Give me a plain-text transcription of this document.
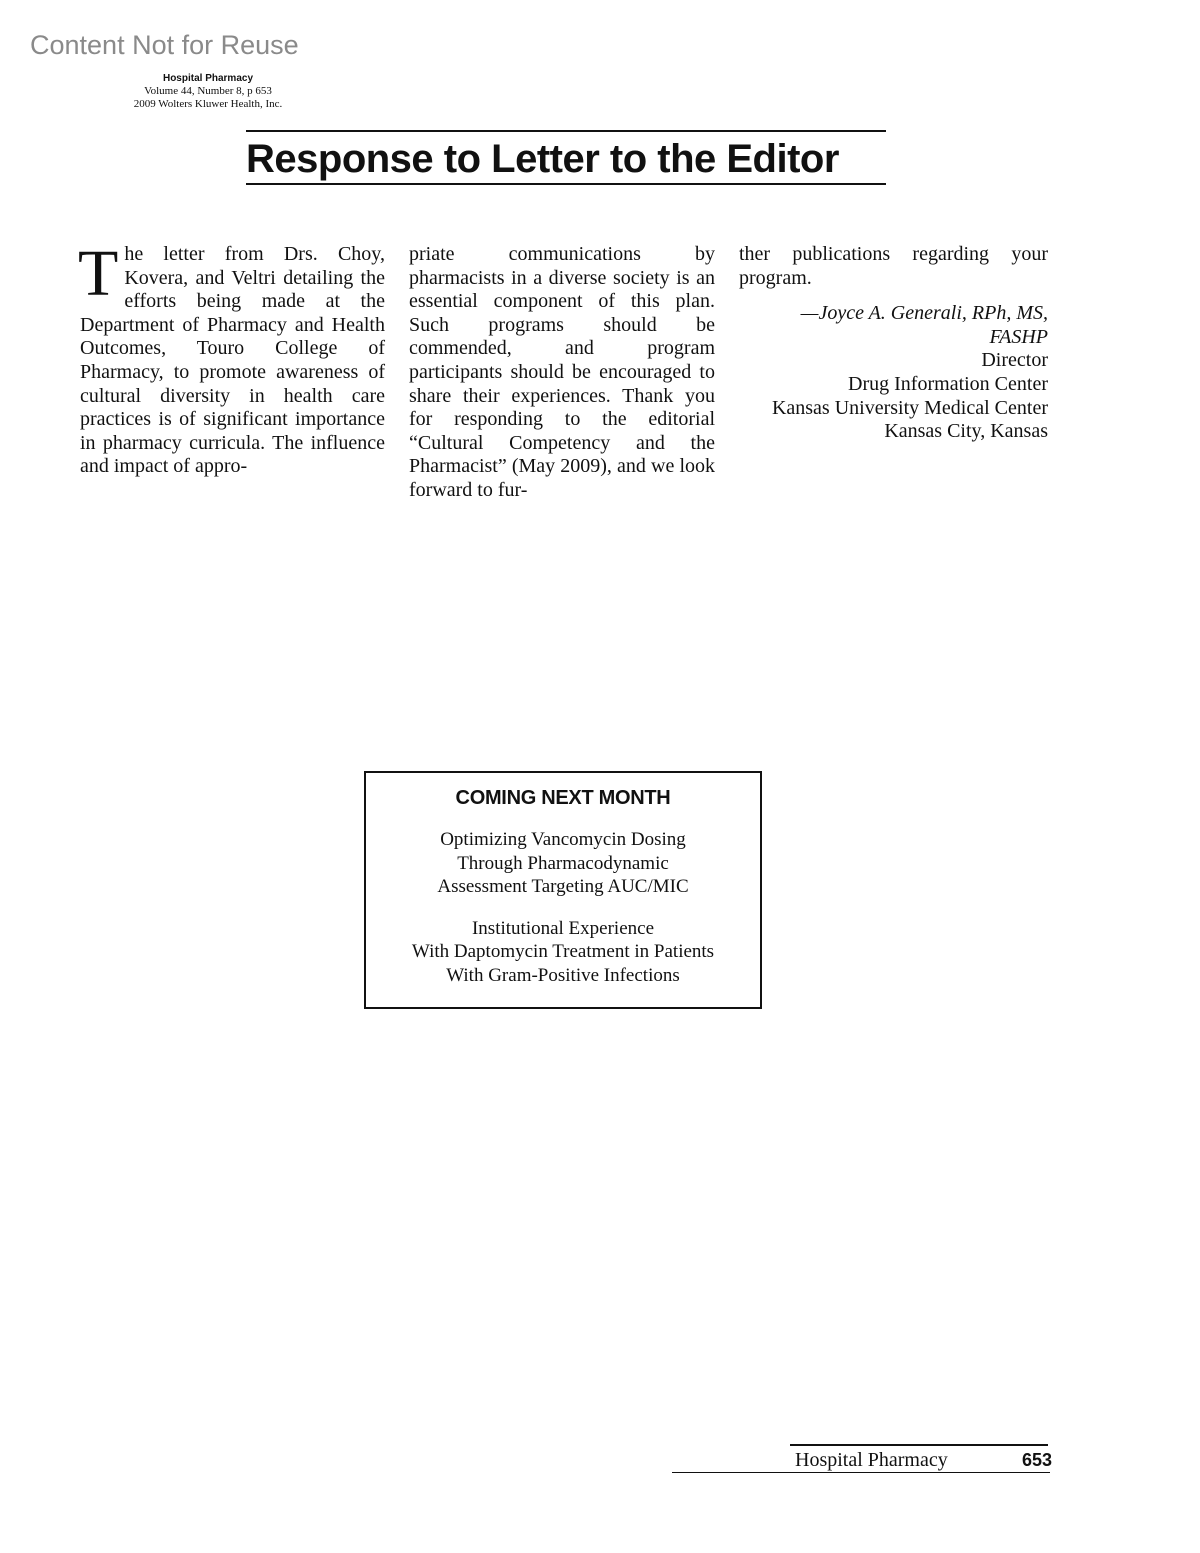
Content Not for Reuse
Hospital Pharmacy
Volume 44, Number 8, p 653
2009 Wolters Kluwer Health, Inc.
Response to Letter to the Editor

The letter from Drs. Choy, Kovera, and Veltri detailing the efforts being made at the Department of Pharmacy and Health Outcomes, Touro College of Pharmacy, to promote awareness of cultural diversity in health care practices is of significant importance in pharmacy curricula. The influence and impact of appro-

priate communications by pharmacists in a diverse society is an essential component of this plan. Such programs should be commended, and program participants should be encouraged to share their experiences. Thank you for responding to the editorial “Cultural Competency and the Pharmacist” (May 2009), and we look forward to fur-

ther publications regarding your program.

—Joyce A. Generali, RPh, MS,
FASHP
Director
Drug Information Center
Kansas University Medical Center
Kansas City, Kansas
COMING NEXT MONTH
Optimizing Vancomycin Dosing
Through Pharmacodynamic
Assessment Targeting AUC/MIC
Institutional Experience
With Daptomycin Treatment in Patients
With Gram-Positive Infections
Hospital Pharmacy	653
